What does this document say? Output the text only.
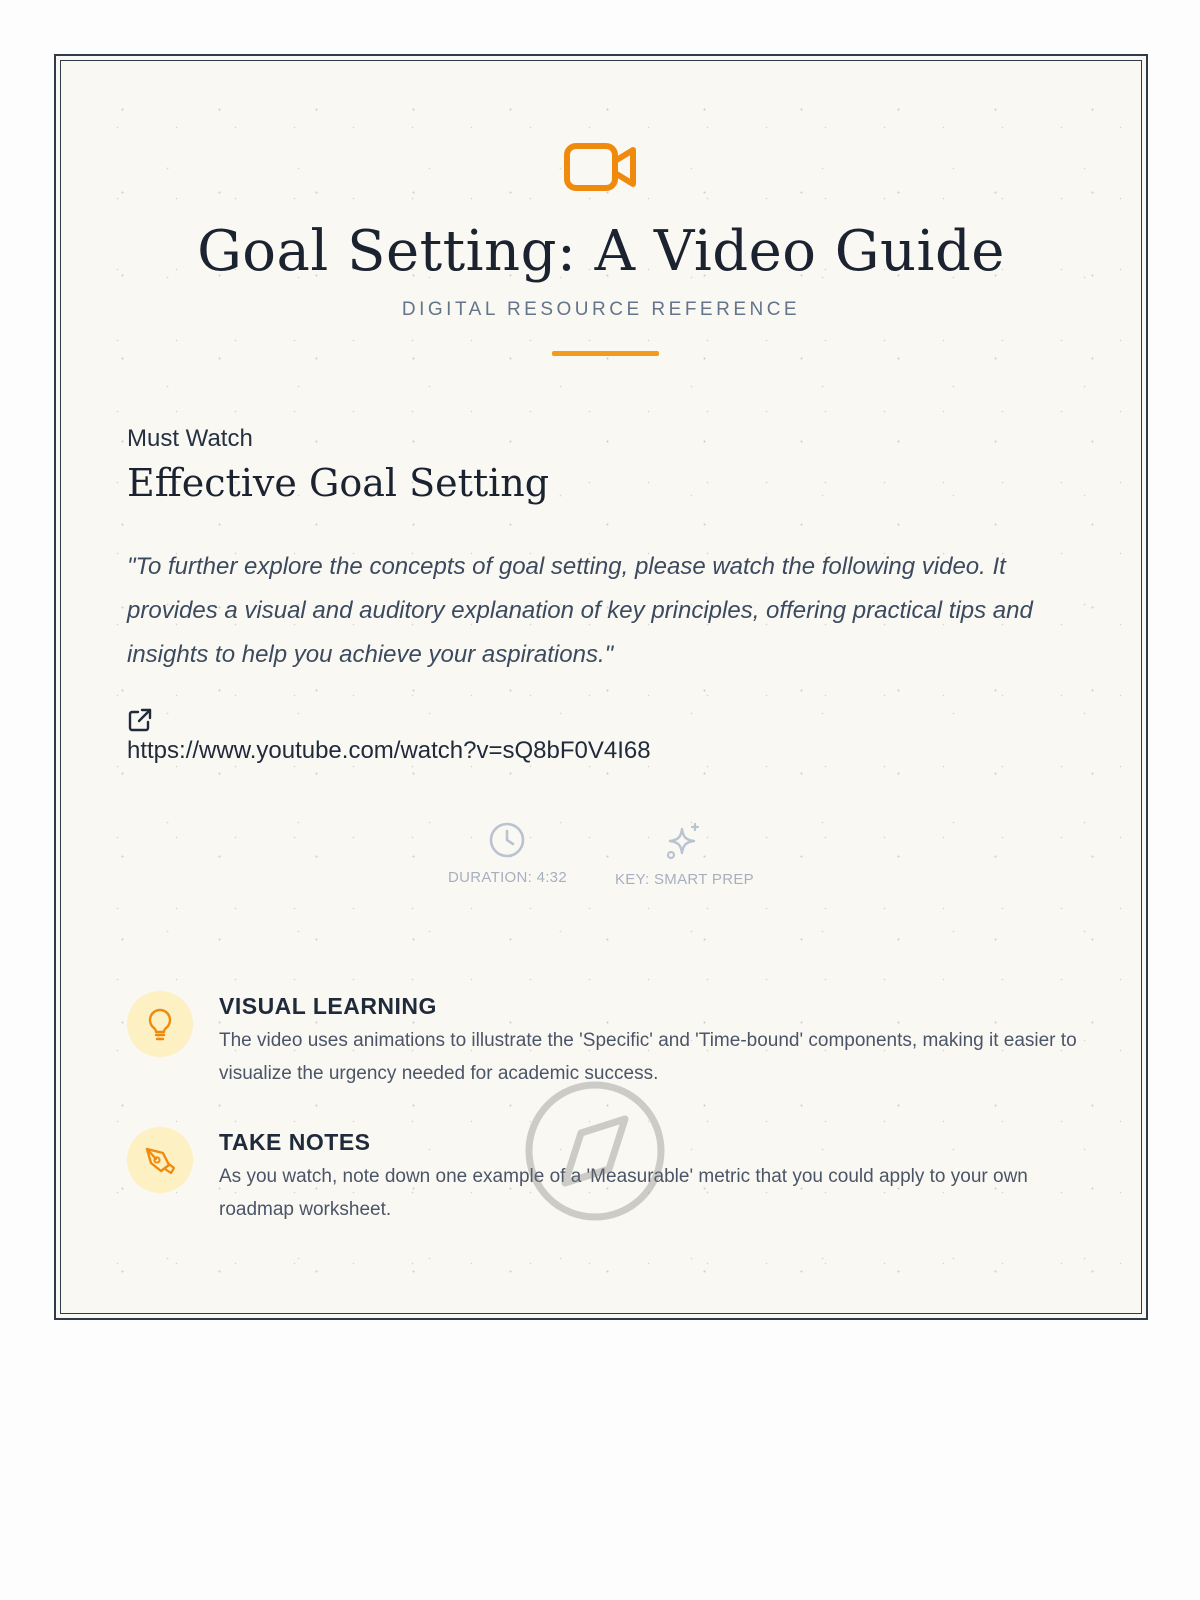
Goal Setting: A Video Guide
DIGITAL RESOURCE REFERENCE
Must Watch
Effective Goal Setting
"To further explore the concepts of goal setting, please watch the following video. It provides a visual and auditory explanation of key principles, offering practical tips and insights to help you achieve your aspirations."
https://www.youtube.com/watch?v=sQ8bF0V4I68
DURATION: 4:32	KEY: SMART PREP
VISUAL LEARNING
The video uses animations to illustrate the 'Specific' and 'Time-bound' components, making it easier to visualize the urgency needed for academic success.
TAKE NOTES
As you watch, note down one example of a 'Measurable' metric that you could apply to your own roadmap worksheet.
